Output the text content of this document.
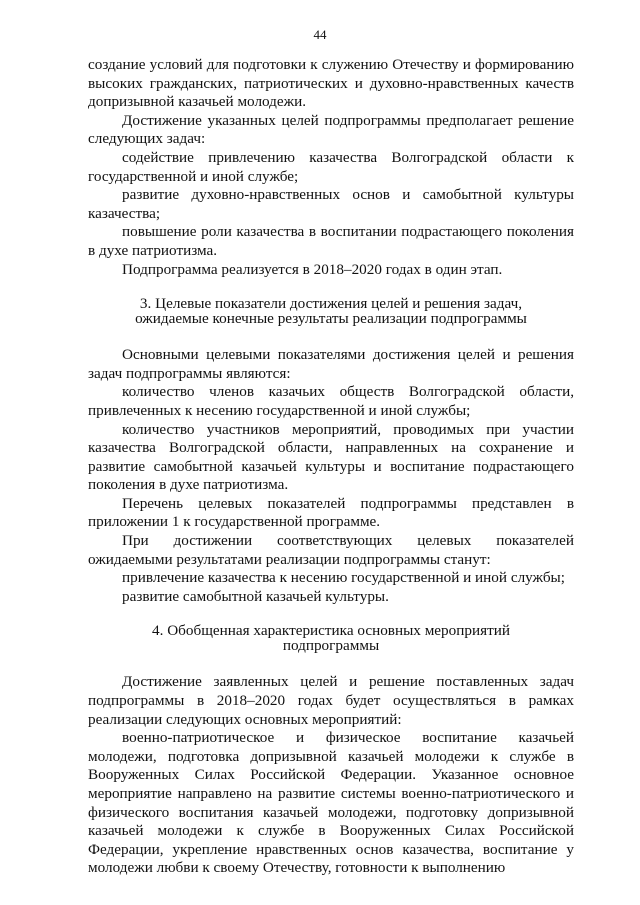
44

создание условий для подготовки к служению Отечеству и формированию высоких гражданских, патриотических и духовно-нравственных качеств допризывной казачьей молодежи.

Достижение указанных целей подпрограммы предполагает решение следующих задач:

содействие привлечению казачества Волгоградской области к государственной и иной службе;

развитие духовно-нравственных основ и самобытной культуры казачества;

повышение роли казачества в воспитании подрастающего поколения в духе патриотизма.

Подпрограмма реализуется в 2018–2020 годах в один этап.

3. Целевые показатели достижения целей и решения задач,
ожидаемые конечные результаты реализации подпрограммы

Основными целевыми показателями достижения целей и решения задач подпрограммы являются:

количество членов казачьих обществ Волгоградской области, привлеченных к несению государственной и иной службы;

количество участников мероприятий, проводимых при участии казачества Волгоградской области, направленных на сохранение и развитие самобытной казачьей культуры и воспитание подрастающего поколения в духе патриотизма.

Перечень целевых показателей подпрограммы представлен в приложении 1 к государственной программе.

При достижении соответствующих целевых показателей ожидаемыми результатами реализации подпрограммы станут:

привлечение казачества к несению государственной и иной службы;

развитие самобытной казачьей культуры.

4. Обобщенная характеристика основных мероприятий
подпрограммы

Достижение заявленных целей и решение поставленных задач подпрограммы в 2018–2020 годах будет осуществляться в рамках реализации следующих основных мероприятий:

военно-патриотическое и физическое воспитание казачьей молодежи, подготовка допризывной казачьей молодежи к службе в Вооруженных Силах Российской Федерации. Указанное основное мероприятие направлено на развитие системы военно-патриотического и физического воспитания казачьей молодежи, подготовку допризывной казачьей молодежи к службе в Вооруженных Силах Российской Федерации, укрепление нравственных основ казачества, воспитание у молодежи любви к своему Отечеству, готовности к выполнению
